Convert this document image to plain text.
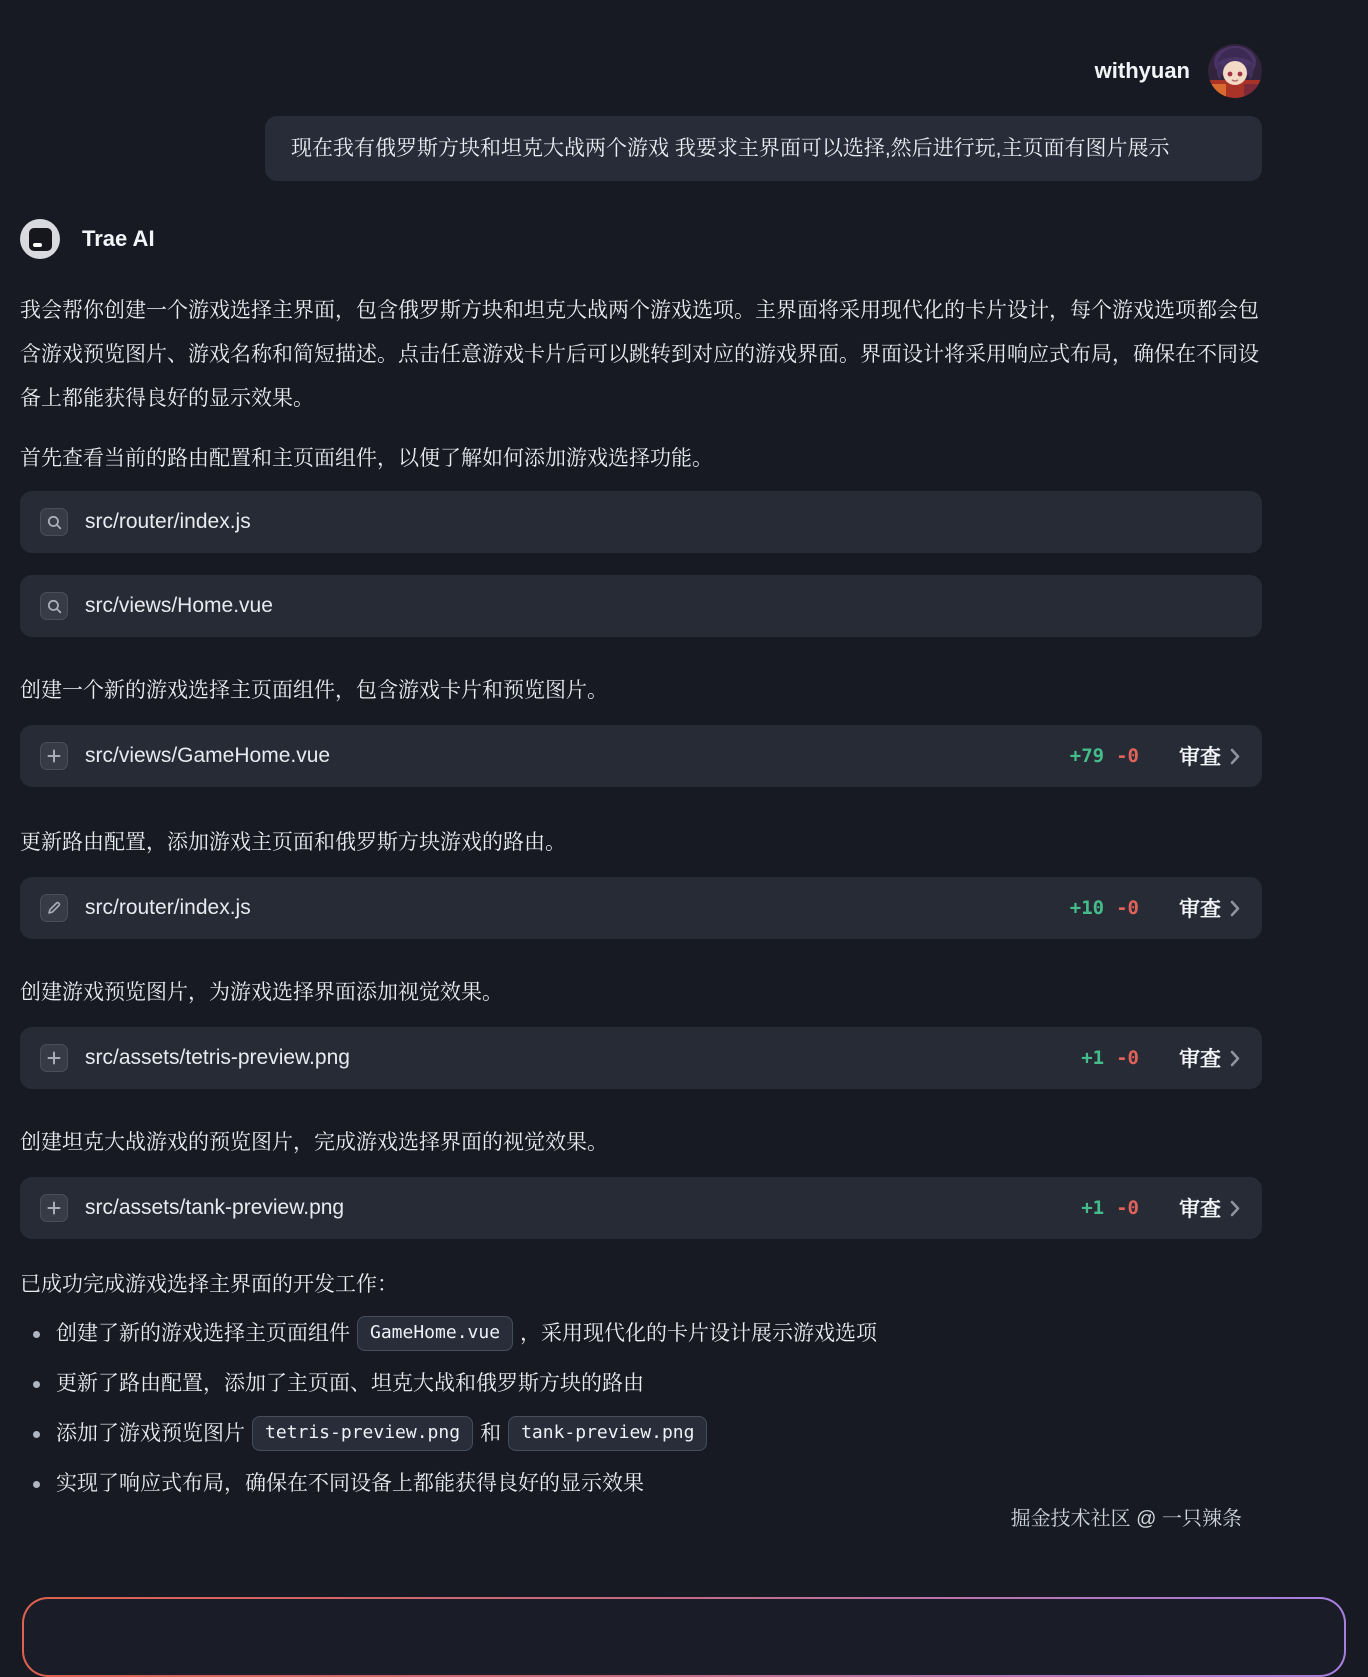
withyuan
现在我有俄罗斯方块和坦克大战两个游戏 我要求主界面可以选择,然后进行玩,主页面有图片展示
Trae AI

我会帮你创建一个游戏选择主界面，包含俄罗斯方块和坦克大战两个游戏选项。主界面将采用现代化的卡片设计，每个游戏选项都会包含游戏预览图片、游戏名称和简短描述。点击任意游戏卡片后可以跳转到对应的游戏界面。界面设计将采用响应式布局，确保在不同设备上都能获得良好的显示效果。

首先查看当前的路由配置和主页面组件，以便了解如何添加游戏选择功能。

src/router/index.js
src/views/Home.vue

创建一个新的游戏选择主页面组件，包含游戏卡片和预览图片。

src/views/GameHome.vue	+79 -0 审查

更新路由配置，添加游戏主页面和俄罗斯方块游戏的路由。

src/router/index.js	+10 -0 审查

创建游戏预览图片，为游戏选择界面添加视觉效果。

src/assets/tetris-preview.png	+1 -0 审查

创建坦克大战游戏的预览图片，完成游戏选择界面的视觉效果。

src/assets/tank-preview.png	+1 -0 审查

已成功完成游戏选择主界面的开发工作：

创建了新的游戏选择主页面组件 GameHome.vue ，采用现代化的卡片设计展示游戏选项
更新了路由配置，添加了主页面、坦克大战和俄罗斯方块的路由
添加了游戏预览图片 tetris-preview.png 和 tank-preview.png
实现了响应式布局，确保在不同设备上都能获得良好的显示效果
掘金技术社区 @ 一只辣条
